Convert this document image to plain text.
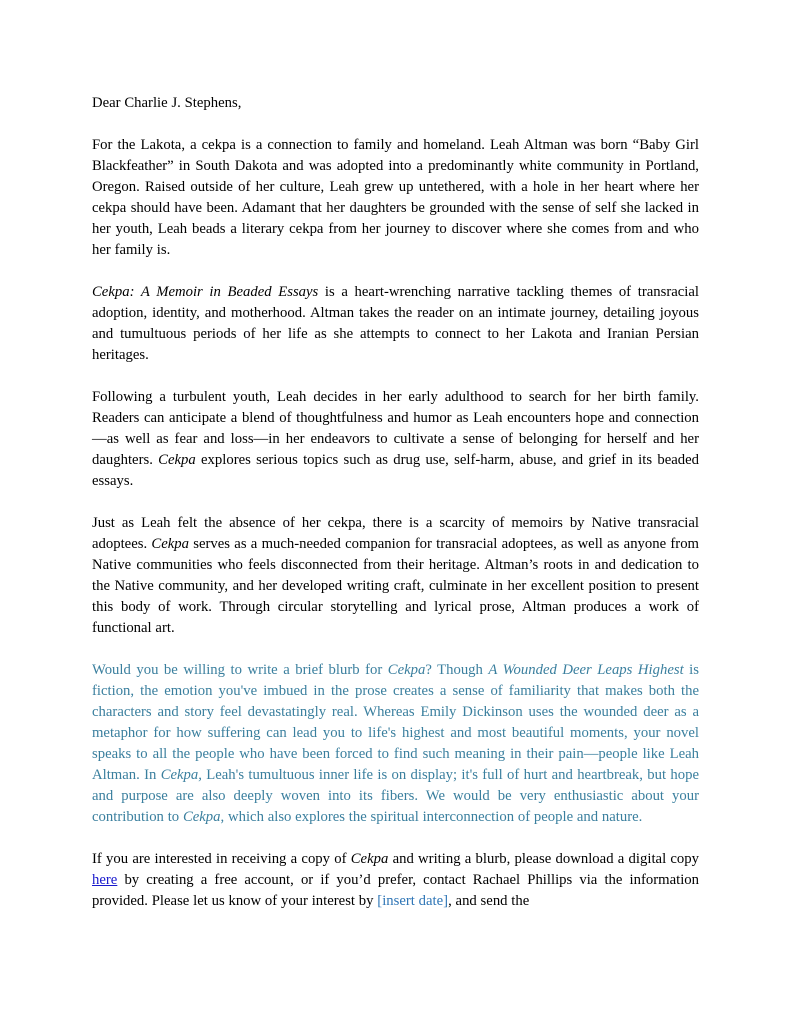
Dear Charlie J. Stephens,

For the Lakota, a cekpa is a connection to family and homeland. Leah Altman was born “Baby Girl Blackfeather” in South Dakota and was adopted into a predominantly white community in Portland, Oregon. Raised outside of her culture, Leah grew up untethered, with a hole in her heart where her cekpa should have been. Adamant that her daughters be grounded with the sense of self she lacked in her youth, Leah beads a literary cekpa from her journey to discover where she comes from and who her family is.

Cekpa: A Memoir in Beaded Essays is a heart-wrenching narrative tackling themes of transracial adoption, identity, and motherhood. Altman takes the reader on an intimate journey, detailing joyous and tumultuous periods of her life as she attempts to connect to her Lakota and Iranian Persian heritages.

Following a turbulent youth, Leah decides in her early adulthood to search for her birth family. Readers can anticipate a blend of thoughtfulness and humor as Leah encounters hope and connection—as well as fear and loss—in her endeavors to cultivate a sense of belonging for herself and her daughters. Cekpa explores serious topics such as drug use, self-harm, abuse, and grief in its beaded essays.

Just as Leah felt the absence of her cekpa, there is a scarcity of memoirs by Native transracial adoptees. Cekpa serves as a much-needed companion for transracial adoptees, as well as anyone from Native communities who feels disconnected from their heritage. Altman’s roots in and dedication to the Native community, and her developed writing craft, culminate in her excellent position to present this body of work. Through circular storytelling and lyrical prose, Altman produces a work of functional art.

Would you be willing to write a brief blurb for Cekpa? Though A Wounded Deer Leaps Highest is fiction, the emotion you've imbued in the prose creates a sense of familiarity that makes both the characters and story feel devastatingly real. Whereas Emily Dickinson uses the wounded deer as a metaphor for how suffering can lead you to life's highest and most beautiful moments, your novel speaks to all the people who have been forced to find such meaning in their pain—people like Leah Altman. In Cekpa, Leah's tumultuous inner life is on display; it's full of hurt and heartbreak, but hope and purpose are also deeply woven into its fibers. We would be very enthusiastic about your contribution to Cekpa, which also explores the spiritual interconnection of people and nature.

If you are interested in receiving a copy of Cekpa and writing a blurb, please download a digital copy here by creating a free account, or if you’d prefer, contact Rachael Phillips via the information provided. Please let us know of your interest by [insert date], and send the
